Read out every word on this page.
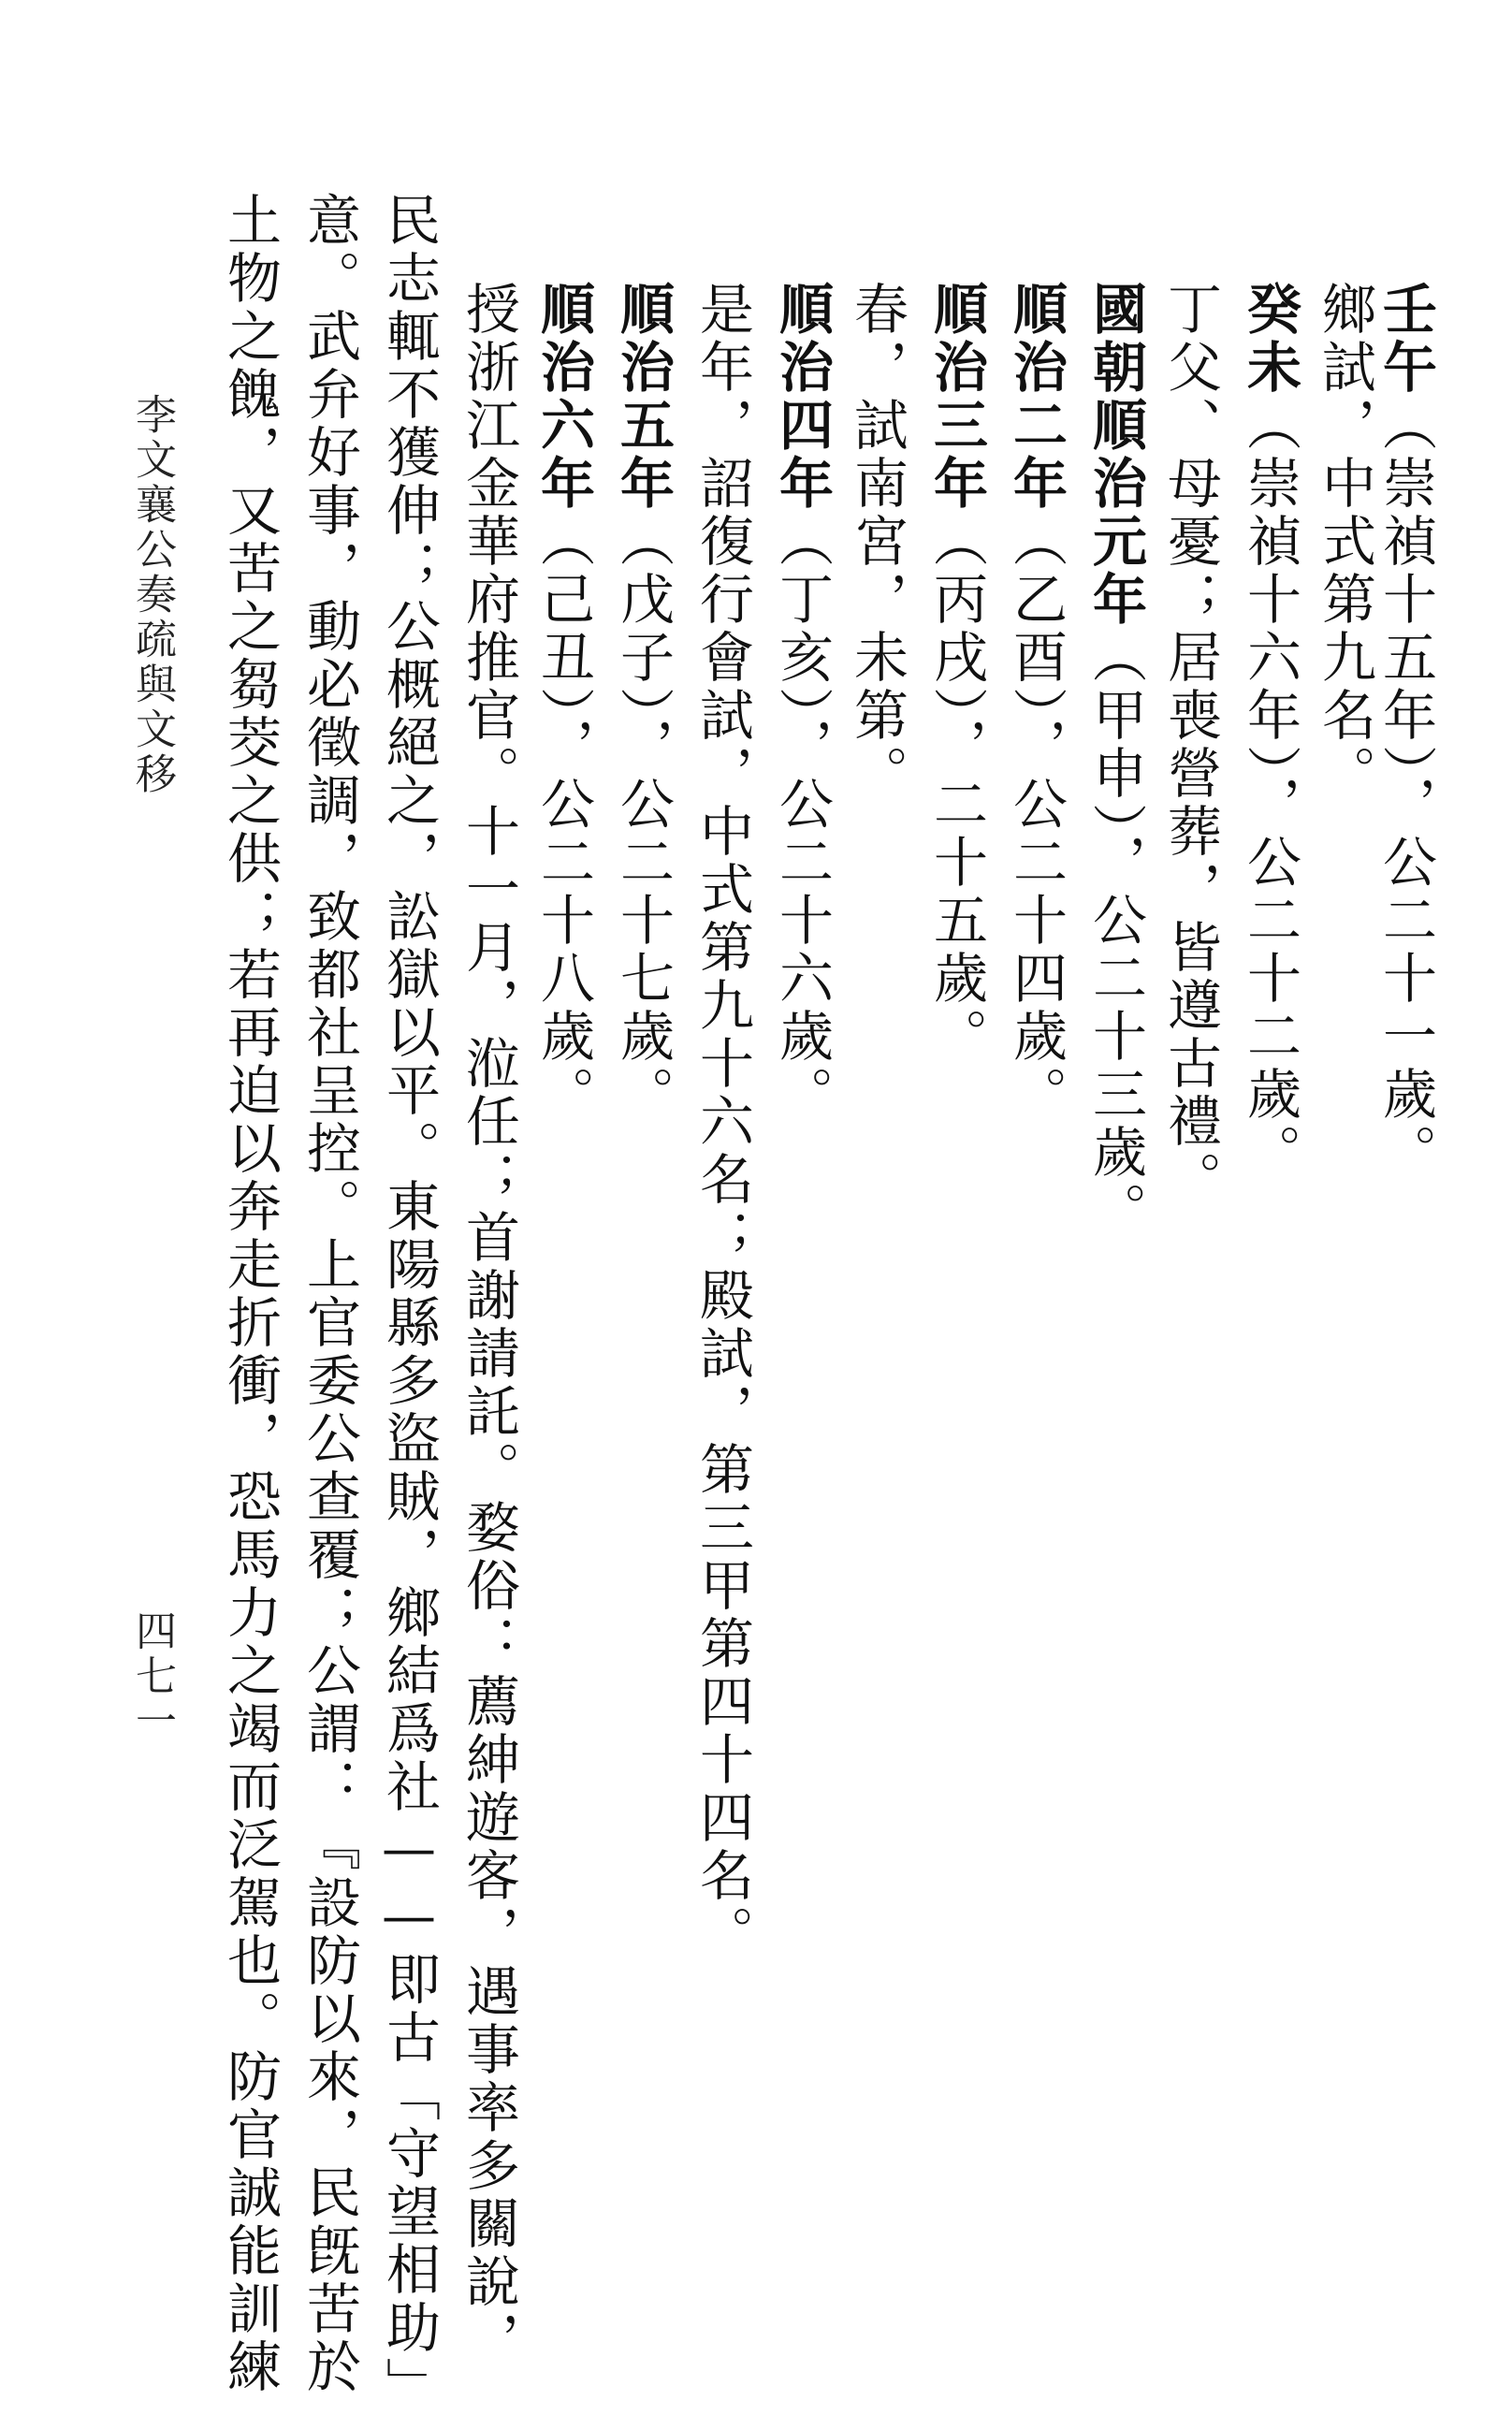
壬午（崇禎十五年），公二十一歲。
鄉試，中式第九名。
癸未（崇禎十六年），公二十二歲。
丁父、母憂；居喪營葬，皆遵古禮。
國朝順治元年（甲申），公二十三歲。
順治二年（乙酉），公二十四歲。
順治三年（丙戌），二十五歲。
春，試南宮，未第。
順治四年（丁亥），公二十六歲。
是年，詔復行會試，中式第九十六名；殿試，第三甲第四十四名。
順治五年（戊子），公二十七歲。
順治六年（己丑），公二十八歲。
授浙江金華府推官。十一月，涖任；首謝請託。婺俗：薦紳遊客，遇事率多關說，
民志輒不獲伸；公概絕之，訟獄以平。東陽縣多盜賊，鄉結爲社——即古「守望相助」
意。武弁好事，動必徵調，致都社呈控。上官委公查覆；公謂：『設防以來，民旣苦於
土物之餽，又苦之芻茭之供；若再迫以奔走折衝，恐馬力之竭而泛駕也。防官誠能訓練
李文襄公奏疏與文移
四七一
